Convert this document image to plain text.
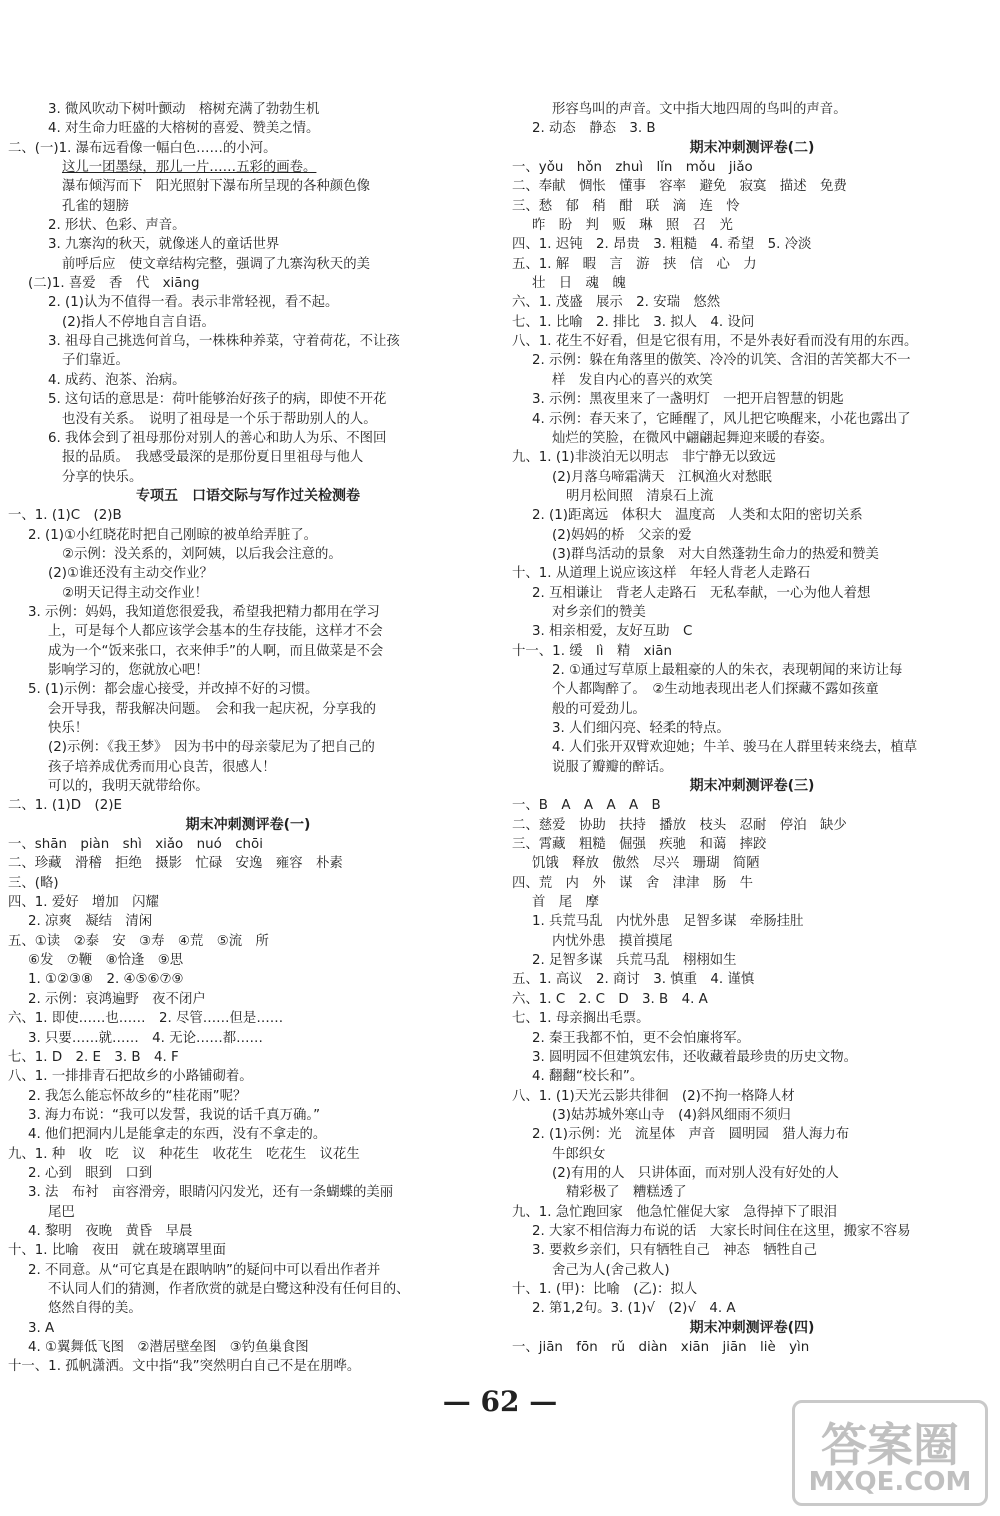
3. 微风吹动下树叶颤动　榕树充满了勃勃生机
4. 对生命力旺盛的大榕树的喜爱、赞美之情。
二、(一)1. 瀑布远看像一幅白色……的小河。
这儿一团墨绿，那儿一片……五彩的画卷。
瀑布倾泻而下　阳光照射下瀑布所呈现的各种颜色像
孔雀的翅膀
2. 形状、色彩、声音。
3. 九寨沟的秋天，就像迷人的童话世界
前呼后应　使文章结构完整，强调了九寨沟秋天的美
(二)1. 喜爱　香　代　xiāng
2. (1)认为不值得一看。表示非常轻视，看不起。
(2)指人不停地自言自语。
3. 祖母自己挑选何首乌，一株株种养菜，守着荷花，不让孩
子们靠近。
4. 成药、泡茶、治病。
5. 这句话的意思是：荷叶能够治好孩子的病，即使不开花
也没有关系。　说明了祖母是一个乐于帮助别人的人。
6. 我体会到了祖母那份对别人的善心和助人为乐、不图回
报的品质。　我感受最深的是那份夏日里祖母与他人
分享的快乐。
专项五　口语交际与写作过关检测卷
一、1. (1)C　(2)B
2. (1)①小红晓花时把自己刚晾的被单给弄脏了。
②示例：没关系的，刘阿姨，以后我会注意的。
(2)①谁还没有主动交作业？
②明天记得主动交作业！
3. 示例：妈妈，我知道您很爱我，希望我把精力都用在学习
上，可是每个人都应该学会基本的生存技能，这样才不会
成为一个“饭来张口，衣来伸手”的人啊，而且做菜是不会
影响学习的，您就放心吧！
5. (1)示例：都会虚心接受，并改掉不好的习惯。
会开导我，帮我解决问题。　会和我一起庆祝，分享我的
快乐！
(2)示例：《我王梦》　因为书中的母亲蒙尼为了把自己的
孩子培养成优秀而用心良苦，很感人！
可以的，我明天就带给你。
二、1. (1)D　(2)E
期末冲刺测评卷(一)
一、shān　piàn　shì　xiǎo　nuó　chōi
二、珍藏　滑稽　拒绝　摄影　忙碌　安逸　雍容　朴素
三、(略)
四、1. 爱好　增加　闪耀
2. 凉爽　凝结　清闲
五、①读　②泰　安　③寿　④荒　⑤流　所
⑥发　⑦鞭　⑧恰逢　⑨思
1. ①②③⑧　2. ④⑤⑥⑦⑨
2. 示例：哀鸿遍野　夜不闭户
六、1. 即使……也……　2. 尽管……但是……
3. 只要……就……　4. 无论……都……
七、1. D　2. E　3. B　4. F
八、1. 一排排青石把故乡的小路铺砌着。
2. 我怎么能忘怀故乡的“桂花雨”呢？
3. 海力布说：“我可以发誓，我说的话千真万确。”
4. 他们把洞内儿是能拿走的东西，没有不拿走的。
九、1. 种　收　吃　议　种花生　收花生　吃花生　议花生
2. 心到　眼到　口到
3. 法　布衬　亩容滑旁，眼睛闪闪发光，还有一条蝴蝶的美丽
尾巴
4. 黎明　夜晚　黄昏　早晨
十、1. 比喻　夜田　就在玻璃罩里面
2. 不同意。从“可它真是在跟呐呐”的疑问中可以看出作者并
不认同人们的猜测，作者欣赏的就是白鹭这种没有任何目的、
悠然自得的美。
3. A
4. ①翼舞低飞图　②潜居壁垒图　③钓鱼巢食图
十一、1. 孤帆潇洒。文中指“我”突然明白自己不是在朋哗。
形容鸟叫的声音。文中指大地四周的鸟叫的声音。
2. 动态　静态　3. B
期末冲刺测评卷(二)
一、yǒu　hǒn　zhuì　lǐn　mǒu　jiǎo
二、奉献　惆怅　懂事　容率　避免　寂寞　描述　免费
三、愁　郁　稍　酣　联　滴　连　怜
昨　盼　判　贩　琳　照　召　光
四、1. 迟钝　2. 昂贵　3. 粗糙　4. 希望　5. 冷淡
五、1. 解　暇　言　游　挟　信　心　力
壮　日　魂　魄
六、1. 茂盛　展示　2. 安瑞　悠然
七、1. 比喻　2. 排比　3. 拟人　4. 设问
八、1. 花生不好看，但是它很有用，不是外表好看而没有用的东西。
2. 示例：躲在角落里的傲笑、冷冷的讥笑、含泪的苦笑都大不一
样　发自内心的喜兴的欢笑
3. 示例：黑夜里来了一盏明灯　一把开启智慧的钥匙
4. 示例：春天来了，它睡醒了，风儿把它唤醒来，小花也露出了
灿烂的笑脸，在微风中翩翩起舞迎来暖的春姿。
九、1. (1)非淡泊无以明志　非宁静无以致远
(2)月落乌啼霜满天　江枫渔火对愁眠
明月松间照　清泉石上流
2. (1)距离远　体积大　温度高　人类和太阳的密切关系
(2)妈妈的桥　父亲的爱
(3)群鸟活动的景象　对大自然蓬勃生命力的热爱和赞美
十、1. 从道理上说应该这样　年轻人背老人走路石
2. 互相谦让　背老人走路石　无私奉献，一心为他人着想
对乡亲们的赞美
3. 相亲相爱，友好互助　C
十一、1. 缓　lì　精　xiān
2. ①通过写草原上最粗豪的人的朱衣，表现朝闻的来访让每
个人都陶醉了。　②生动地表现出老人们探藏不露如孩童
般的可爱劲儿。
3. 人们细闪亮、轻柔的特点。
4. 人们张开双臂欢迎她；牛羊、骏马在人群里转来绕去，植草
说服了瓣瓣的醉话。
期末冲刺测评卷(三)
一、B　A　A　A　A　B
二、慈爱　协助　扶持　播放　枝头　忍耐　停泊　缺少
三、霄藏　粗糙　倔强　疾驰　和蔼　摔跤
饥饿　释放　傲然　尽兴　珊瑚　简陋
四、荒　内　外　谋　舍　津津　肠　牛
首　尾　摩
1. 兵荒马乱　内忧外患　足智多谋　牵肠挂肚
内忧外患　摸首摸尾
2. 足智多谋　兵荒马乱　栩栩如生
五、1. 高议　2. 商讨　3. 慎重　4. 谨慎
六、1. C　2. C　D　3. B　4. A
七、1. 母亲搁出毛票。
2. 秦王我都不怕，更不会怕廉将军。
3. 圆明园不但建筑宏伟，还收藏着最珍贵的历史文物。
4. 翻翻“校长和”。
八、1. (1)天光云影共徘徊　(2)不拘一格降人材
(3)姑苏城外寒山寺　(4)斜风细雨不须归
2. (1)示例：光　流星体　声音　圆明园　猎人海力布
牛郎织女
(2)有用的人　只讲体面，而对别人没有好处的人
精彩极了　糟糕透了
九、1. 急忙跑回家　他急忙催促大家　急得掉下了眼泪
2. 大家不相信海力布说的话　大家长时间住在这里，搬家不容易
3. 要救乡亲们，只有牺牲自己　神态　牺牲自己
舍己为人(舍己救人)
十、1. (甲)：比喻　(乙)：拟人
2. 第1,2句。3. (1)√　(2)√　4. A
期末冲刺测评卷(四)
一、jiān　fōn　rǔ　diàn　xiān　jiān　liè　yìn
— 62 —
答案圈
MXQE.COM
